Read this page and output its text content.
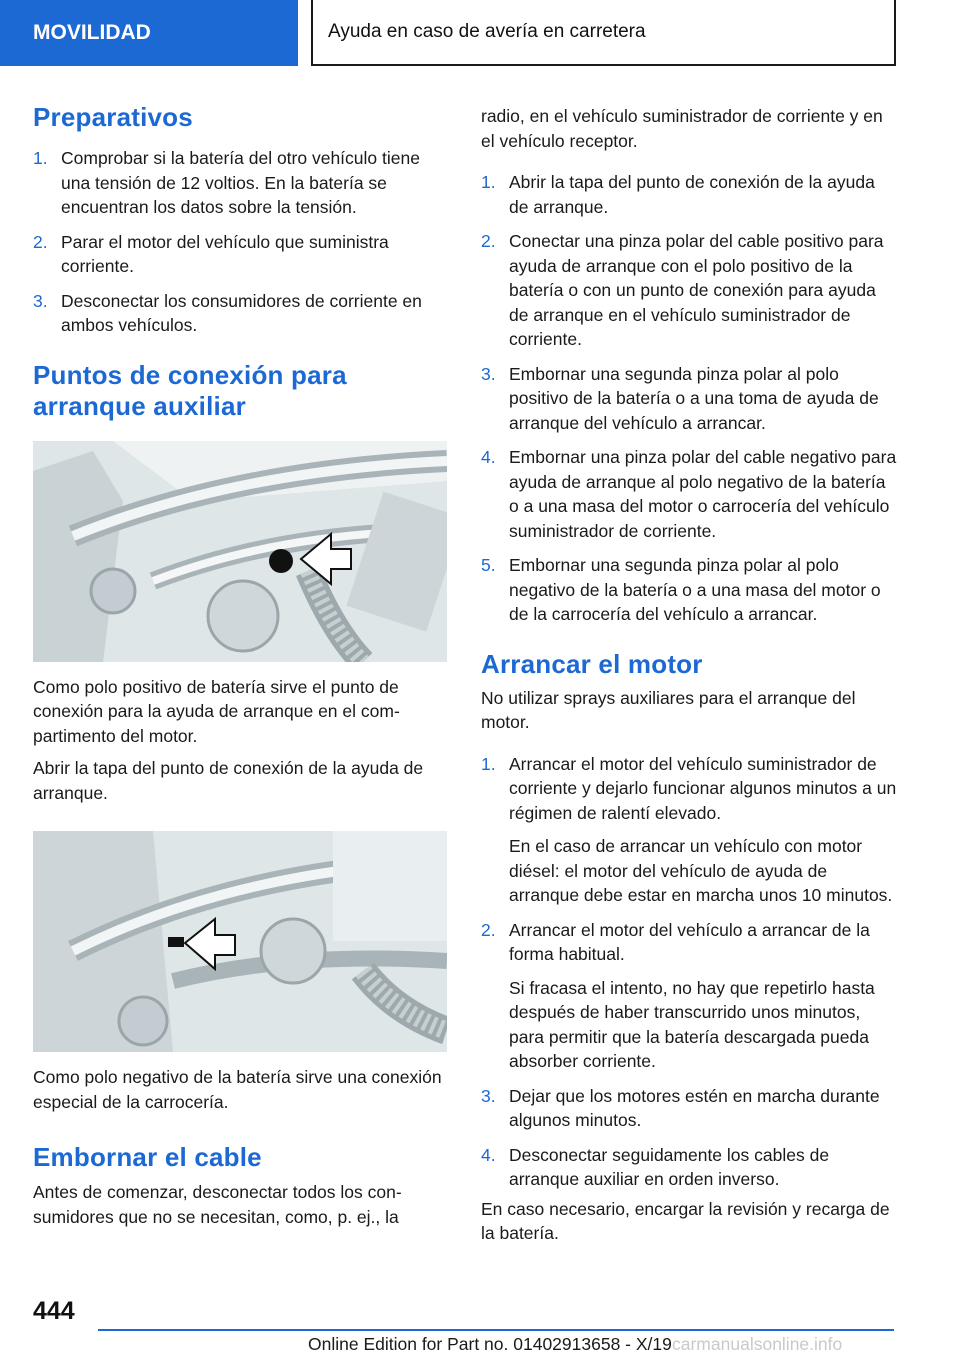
MOVILIDAD	Ayuda en caso de avería en carretera
Preparativos
1. Comprobar si la batería del otro vehículo tiene una tensión de 12 voltios. En la batería se encuentran los datos sobre la tensión.
2. Parar el motor del vehículo que suministra corriente.
3. Desconectar los consumidores de corriente en ambos vehículos.
Puntos de conexión para arranque auxiliar

Como polo positivo de batería sirve el punto de conexión para la ayuda de arranque en el compartimento del motor.

Abrir la tapa del punto de conexión de la ayuda de arranque.

Como polo negativo de la batería sirve una conexión especial de la carrocería.

Embornar el cable

Antes de comenzar, desconectar todos los consumidores que no se necesitan, como, p. ej., la

radio, en el vehículo suministrador de corriente y en el vehículo receptor.

1. Abrir la tapa del punto de conexión de la ayuda de arranque.
2. Conectar una pinza polar del cable positivo para ayuda de arranque con el polo positivo de la batería o con un punto de conexión para ayuda de arranque en el vehículo suministrador de corriente.
3. Embornar una segunda pinza polar al polo positivo de la batería o a una toma de ayuda de arranque del vehículo a arrancar.
4. Embornar una pinza polar del cable negativo para ayuda de arranque al polo negativo de la batería o a una masa del motor o carrocería del vehículo suministrador de corriente.
5. Embornar una segunda pinza polar al polo negativo de la batería o a una masa del motor o de la carrocería del vehículo a arrancar.
Arrancar el motor

No utilizar sprays auxiliares para el arranque del motor.

1. Arrancar el motor del vehículo suministrador de corriente y dejarlo funcionar algunos minutos a un régimen de ralentí elevado.
En el caso de arrancar un vehículo con motor diésel: el motor del vehículo de ayuda de arranque debe estar en marcha unos 10 minutos.
2. Arrancar el motor del vehículo a arrancar de la forma habitual.
Si fracasa el intento, no hay que repetirlo hasta después de haber transcurrido unos minutos, para permitir que la batería descargada pueda absorber corriente.
3. Dejar que los motores estén en marcha durante algunos minutos.
4. Desconectar seguidamente los cables de arranque auxiliar en orden inverso.

En caso necesario, encargar la revisión y recarga de la batería.

444
Online Edition for Part no. 01402913658 - X/19 carmanualsonline.info
